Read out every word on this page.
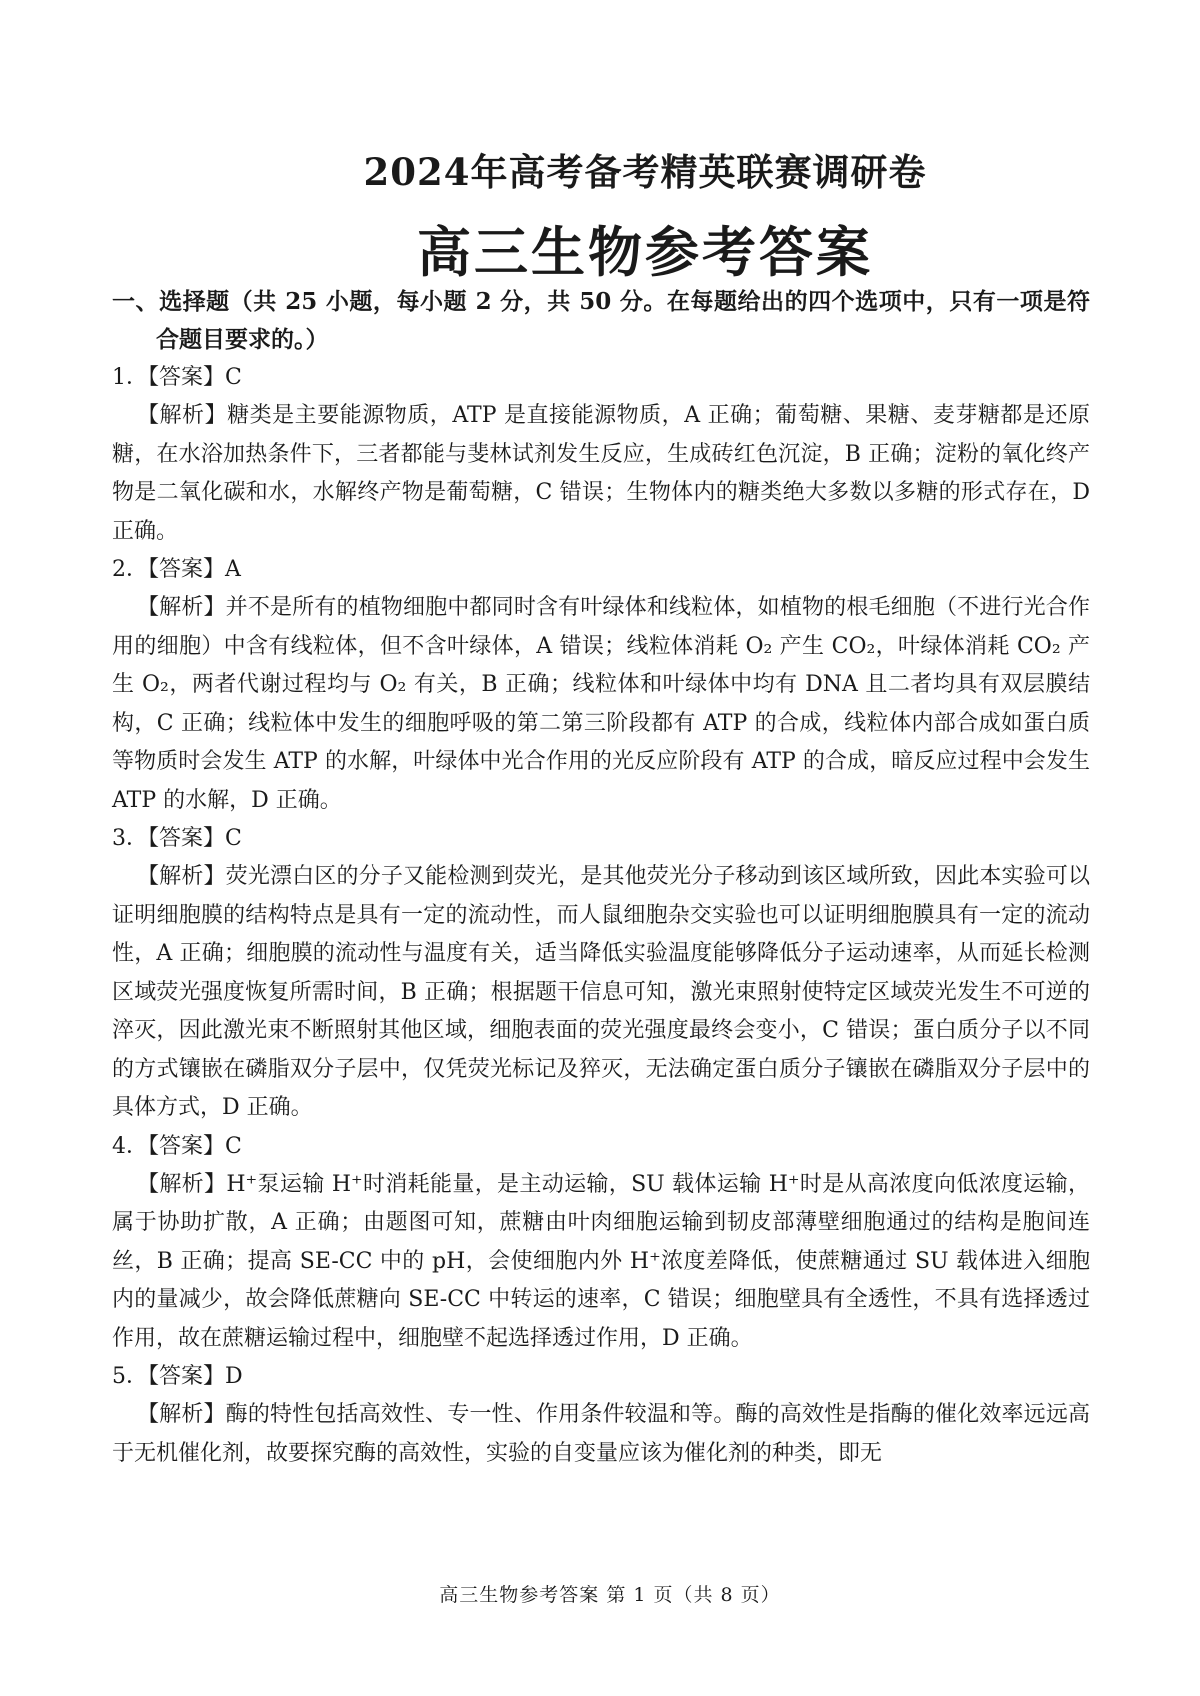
2024年高考备考精英联赛调研卷
高三生物参考答案

一、选择题（共 25 小题，每小题 2 分，共 50 分。在每题给出的四个选项中，只有一项是符合题目要求的。）

1．【答案】C

【解析】糖类是主要能源物质，ATP 是直接能源物质，A 正确；葡萄糖、果糖、麦芽糖都是还原糖，在水浴加热条件下，三者都能与斐林试剂发生反应，生成砖红色沉淀，B 正确；淀粉的氧化终产物是二氧化碳和水，水解终产物是葡萄糖，C 错误；生物体内的糖类绝大多数以多糖的形式存在，D 正确。

2．【答案】A

【解析】并不是所有的植物细胞中都同时含有叶绿体和线粒体，如植物的根毛细胞（不进行光合作用的细胞）中含有线粒体，但不含叶绿体，A 错误；线粒体消耗 O₂ 产生 CO₂，叶绿体消耗 CO₂ 产生 O₂，两者代谢过程均与 O₂ 有关，B 正确；线粒体和叶绿体中均有 DNA 且二者均具有双层膜结构，C 正确；线粒体中发生的细胞呼吸的第二第三阶段都有 ATP 的合成，线粒体内部合成如蛋白质等物质时会发生 ATP 的水解，叶绿体中光合作用的光反应阶段有 ATP 的合成，暗反应过程中会发生 ATP 的水解，D 正确。

3．【答案】C

【解析】荧光漂白区的分子又能检测到荧光，是其他荧光分子移动到该区域所致，因此本实验可以证明细胞膜的结构特点是具有一定的流动性，而人鼠细胞杂交实验也可以证明细胞膜具有一定的流动性，A 正确；细胞膜的流动性与温度有关，适当降低实验温度能够降低分子运动速率，从而延长检测区域荧光强度恢复所需时间，B 正确；根据题干信息可知，激光束照射使特定区域荧光发生不可逆的淬灭，因此激光束不断照射其他区域，细胞表面的荧光强度最终会变小，C 错误；蛋白质分子以不同的方式镶嵌在磷脂双分子层中，仅凭荧光标记及猝灭，无法确定蛋白质分子镶嵌在磷脂双分子层中的具体方式，D 正确。

4．【答案】C

【解析】H⁺泵运输 H⁺时消耗能量，是主动运输，SU 载体运输 H⁺时是从高浓度向低浓度运输，属于协助扩散，A 正确；由题图可知，蔗糖由叶肉细胞运输到韧皮部薄壁细胞通过的结构是胞间连丝，B 正确；提高 SE-CC 中的 pH，会使细胞内外 H⁺浓度差降低，使蔗糖通过 SU 载体进入细胞内的量减少，故会降低蔗糖向 SE-CC 中转运的速率，C 错误；细胞壁具有全透性，不具有选择透过作用，故在蔗糖运输过程中，细胞壁不起选择透过作用，D 正确。

5．【答案】D

【解析】酶的特性包括高效性、专一性、作用条件较温和等。酶的高效性是指酶的催化效率远远高于无机催化剂，故要探究酶的高效性，实验的自变量应该为催化剂的种类，即无

高三生物参考答案 第 1 页（共 8 页）
